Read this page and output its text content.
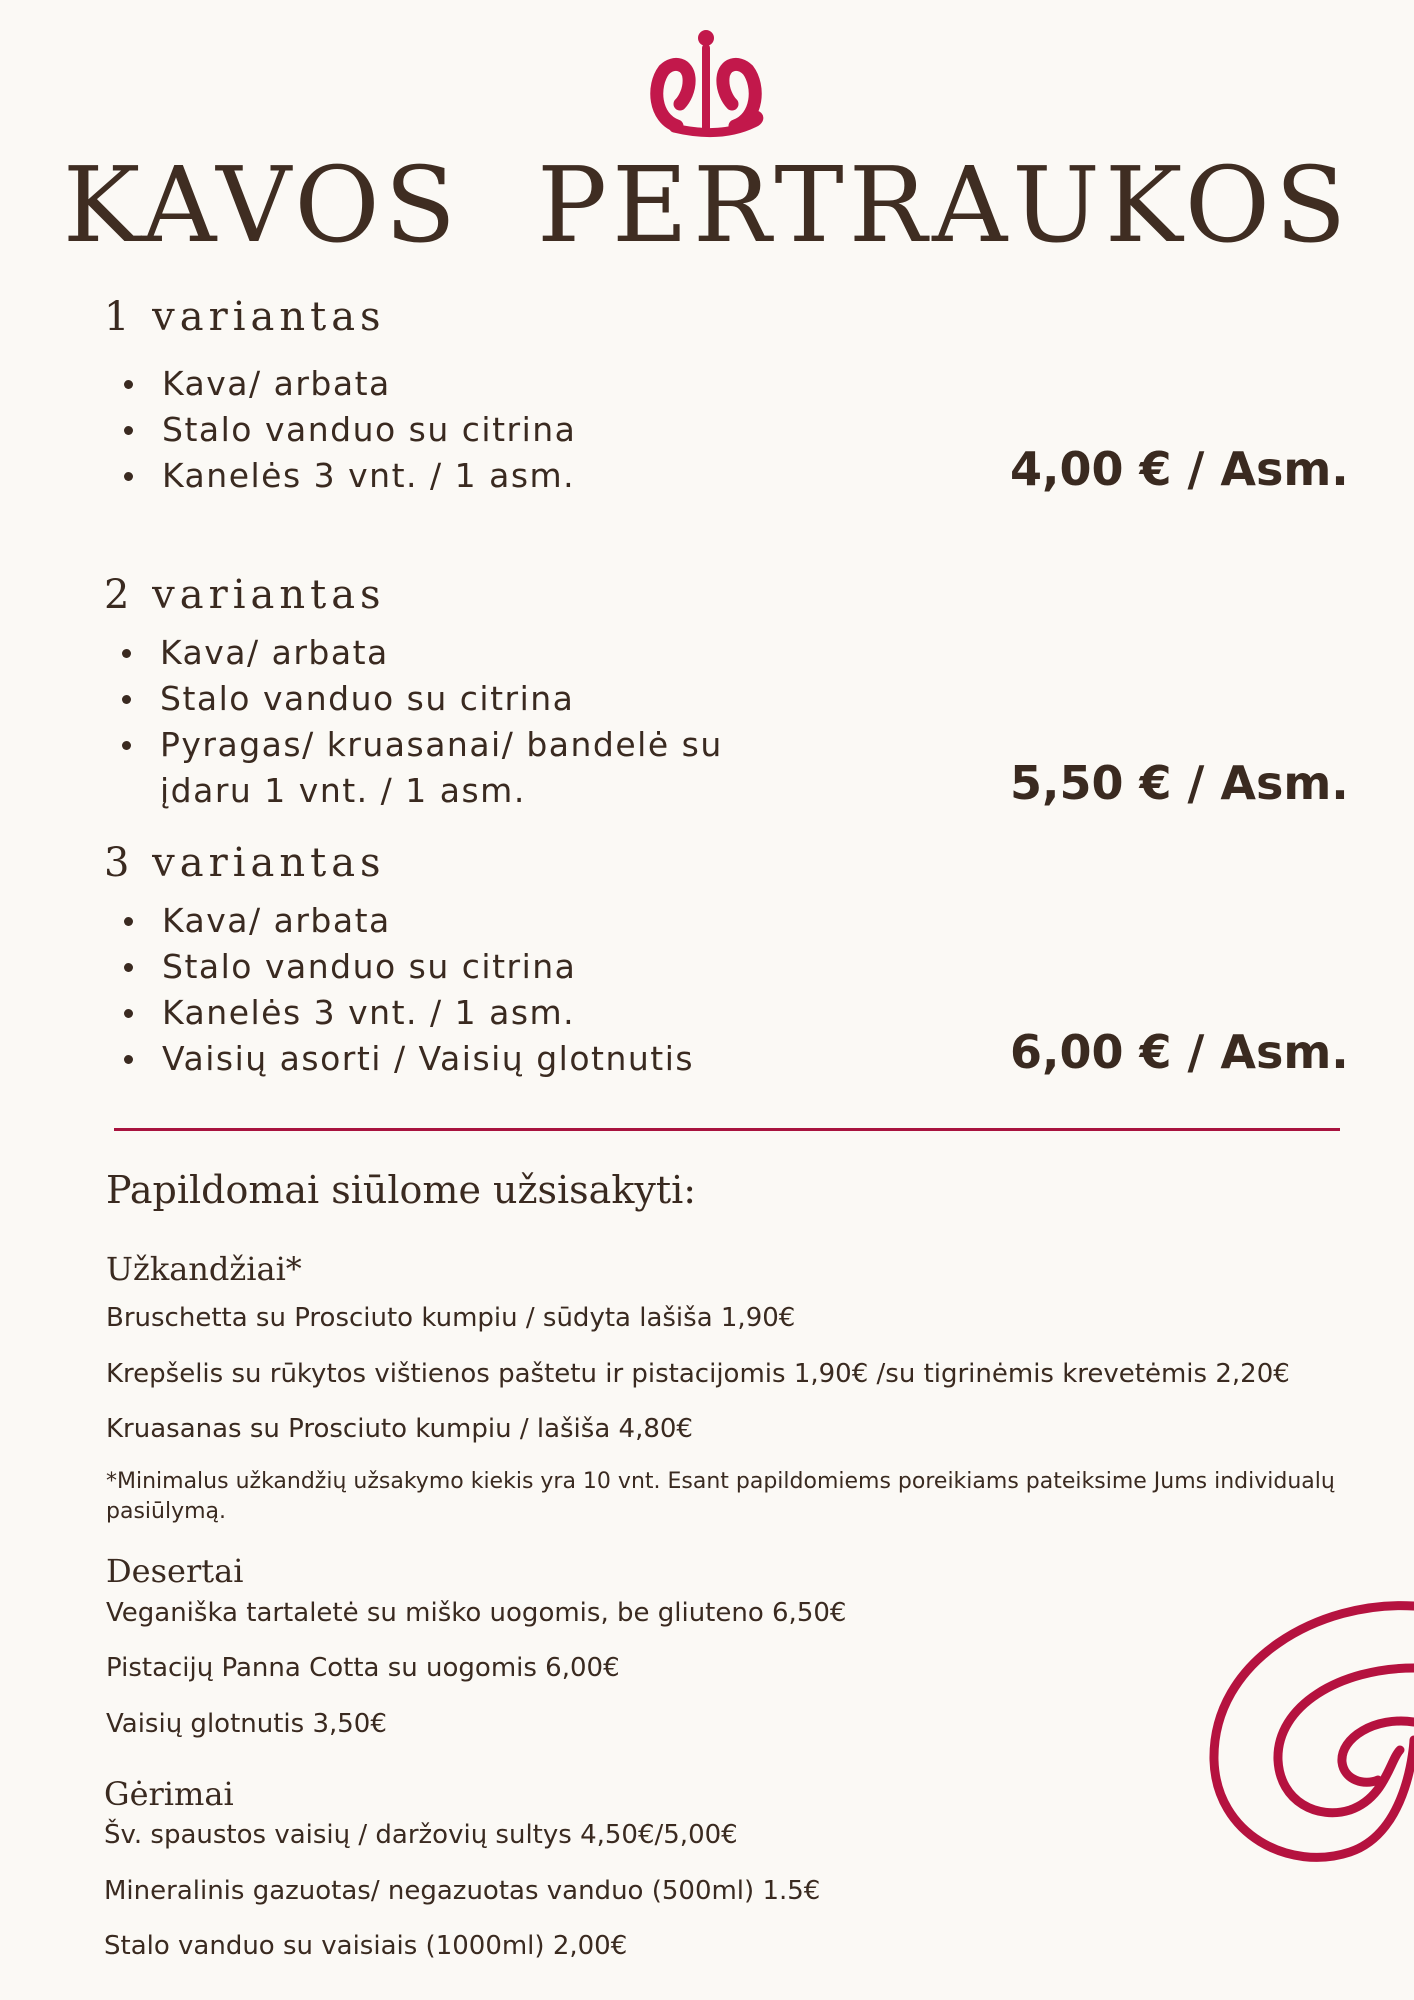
KAVOS  PERTRAUKOS
1 variantas
Kava/ arbata
Stalo vanduo su citrina
Kanelės 3 vnt. / 1 asm.	4,00 € / Asm.
2 variantas
Kava/ arbata
Stalo vanduo su citrina
Pyragas/ kruasanai/ bandelė su
įdaru 1 vnt. / 1 asm.	5,50 € / Asm.
3 variantas
Kava/ arbata
Stalo vanduo su citrina
Kanelės 3 vnt. / 1 asm.
Vaisių asorti / Vaisių glotnutis	6,00 € / Asm.
Papildomai siūlome užsisakyti:
Užkandžiai*
Bruschetta su Prosciuto kumpiu / sūdyta lašiša 1,90€
Krepšelis su rūkytos vištienos paštetu ir pistacijomis 1,90€ /su tigrinėmis krevetėmis 2,20€
Kruasanas su Prosciuto kumpiu / lašiša 4,80€
*Minimalus užkandžių užsakymo kiekis yra 10 vnt. Esant papildomiems poreikiams pateiksime Jums individualų pasiūlymą.
Desertai
Veganiška tartaletė su miško uogomis, be gliuteno 6,50€
Pistacijų Panna Cotta su uogomis 6,00€
Vaisių glotnutis 3,50€
Gėrimai
Šv. spaustos vaisių / daržovių sultys 4,50€/5,00€
Mineralinis gazuotas/ negazuotas vanduo (500ml) 1.5€
Stalo vanduo su vaisiais (1000ml) 2,00€
